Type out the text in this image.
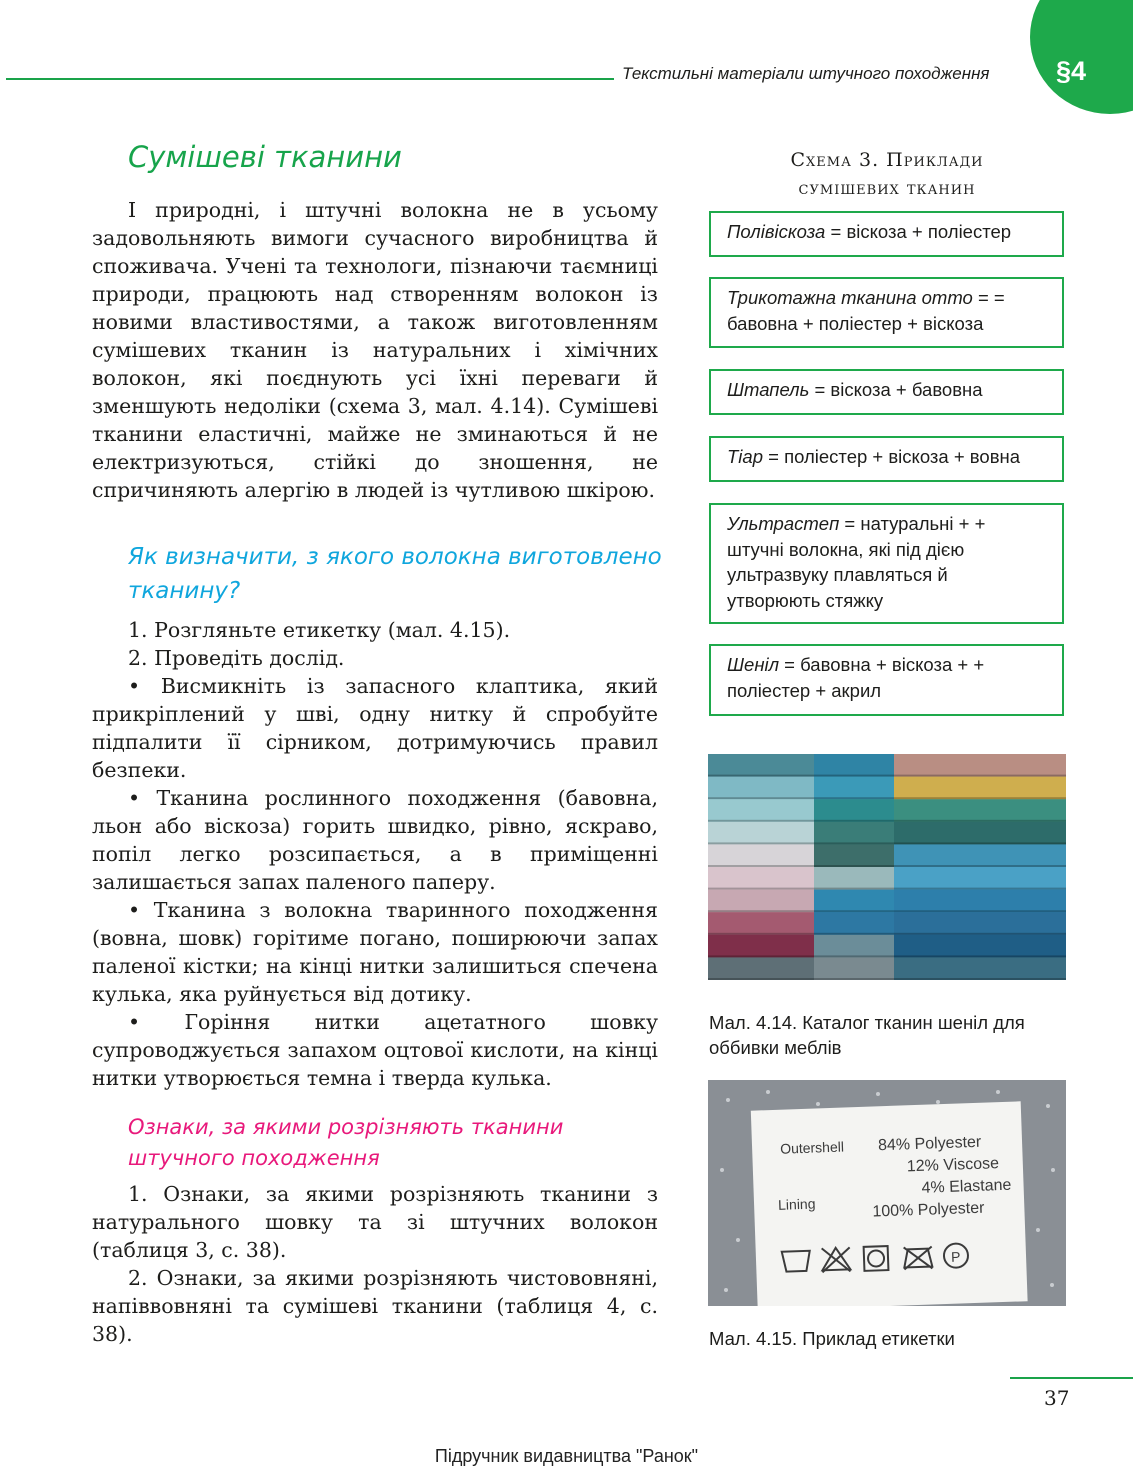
Текстильні матеріали штучного походження §4
Сумішеві тканини

І природні, і штучні волокна не в усьому задовольняють вимоги сучасного виробництва й споживача. Учені та технологи, пізнаючи таємниці природи, працюють над створенням волокон із новими властивостями, а також виготовленням сумішевих тканин із натуральних і хімічних волокон, які поєднують усі їхні переваги й зменшують недоліки (схема 3, мал. 4.14). Сумішеві тканини еластичні, майже не зминаються й не електризуються, стійкі до зношення, не спричиняють алергію в людей із чутливою шкірою.

Як визначити, з якого волокна виготовлено тканину?

1. Розгляньте етикетку (мал. 4.15).

2. Проведіть дослід.

• Висмикніть із запасного клаптика, який прикріплений у шві, одну нитку й спробуйте підпалити її сірником, дотримуючись правил безпеки.

• Тканина рослинного походження (бавовна, льон або віскоза) горить швидко, рівно, яскраво, попіл легко розсипається, а в приміщенні залишається запах паленого паперу.

• Тканина з волокна тваринного походження (вовна, шовк) горітиме погано, поширюючи запах паленої кістки; на кінці нитки залишиться спечена кулька, яка руйнується від дотику.

• Горіння нитки ацетатного шовку супроводжується запахом оцтової кислоти, на кінці нитки утворюється темна і тверда кулька.

Ознаки, за якими розрізняють тканини штучного походження

1. Ознаки, за якими розрізняють тканини з натурального шовку та зі штучних волокон (таблиця 3, с. 38).

2. Ознаки, за якими розрізняють чистововняні, напіввовняні та сумішеві тканини (таблиця 4, с. 38).

Схема 3. Приклади
сумішевих тканин
Полівіскоза = віскоза + поліестер
Трикотажна тканина отто = = бавовна + поліестер + віскоза
Штапель = віскоза + бавовна
Тіар = поліестер + віскоза + вовна
Ультрастеп = натуральні + + штучні волокна, які під дією ультразвуку плавляться й утворюють стяжку
Шеніл = бавовна + віскоза + + поліестер + акрил

Мал. 4.14. Каталог тканин шеніл для оббивки меблів

Outershell 84% Polyester
12% Viscose
4% Elastane
Lining	100% Polyester
P

Мал. 4.15. Приклад етикетки

37
Підручник видавництва "Ранок"
